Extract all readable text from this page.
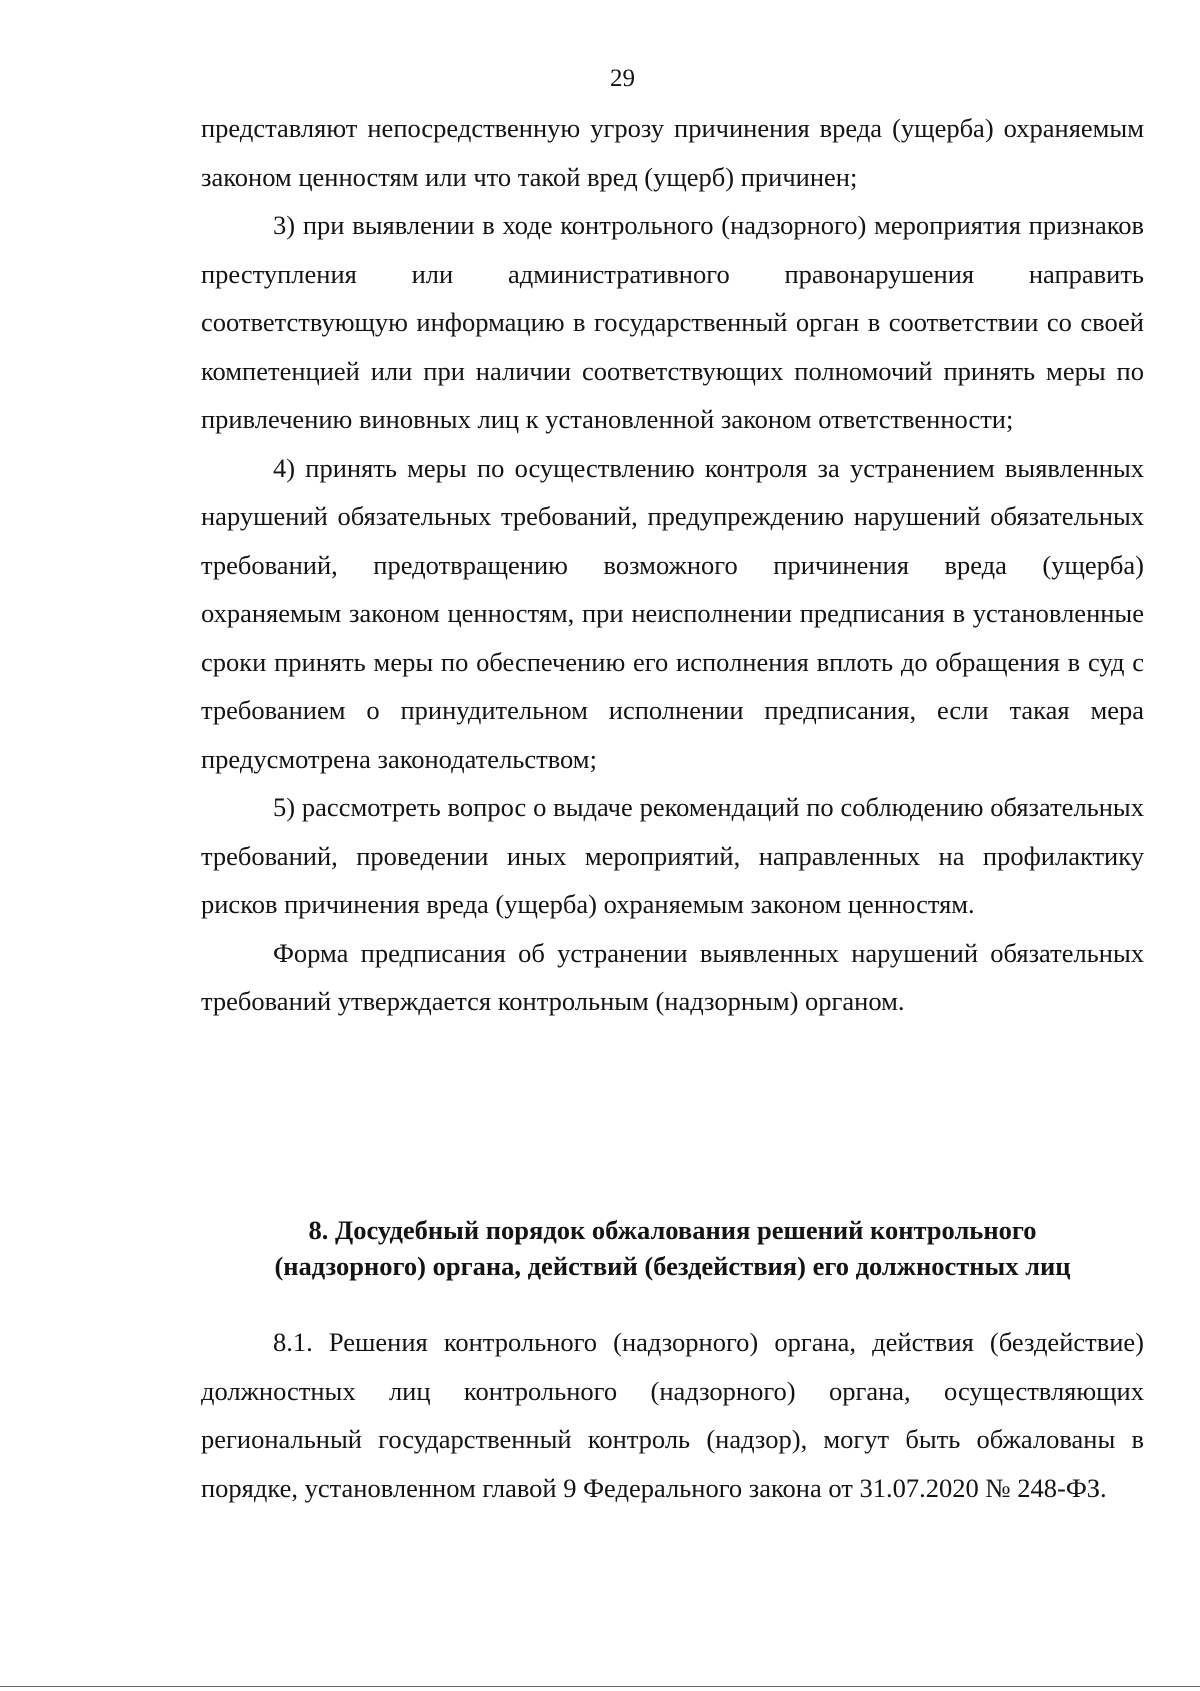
29

представляют непосредственную угрозу причинения вреда (ущерба) охраняемым законом ценностям или что такой вред (ущерб) причинен;

3) при выявлении в ходе контрольного (надзорного) мероприятия признаков преступления или административного правонарушения направить соответствующую информацию в государственный орган в соответствии со своей компетенцией или при наличии соответствующих полномочий принять меры по привлечению виновных лиц к установленной законом ответственности;

4) принять меры по осуществлению контроля за устранением выявленных нарушений обязательных требований, предупреждению нарушений обязательных требований, предотвращению возможного причинения вреда (ущерба) охраняемым законом ценностям, при неисполнении предписания в установленные сроки принять меры по обеспечению его исполнения вплоть до обращения в суд с требованием о принудительном исполнении предписания, если такая мера предусмотрена законодательством;

5) рассмотреть вопрос о выдаче рекомендаций по соблюдению обязательных требований, проведении иных мероприятий, направленных на профилактику рисков причинения вреда (ущерба) охраняемым законом ценностям.

Форма предписания об устранении выявленных нарушений обязательных требований утверждается контрольным (надзорным) органом.

8. Досудебный порядок обжалования решений контрольного
(надзорного) органа, действий (бездействия) его должностных лиц

8.1. Решения контрольного (надзорного) органа, действия (бездействие) должностных лиц контрольного (надзорного) органа, осуществляющих региональный государственный контроль (надзор), могут быть обжалованы в порядке, установленном главой 9 Федерального закона от 31.07.2020 № 248-ФЗ.
